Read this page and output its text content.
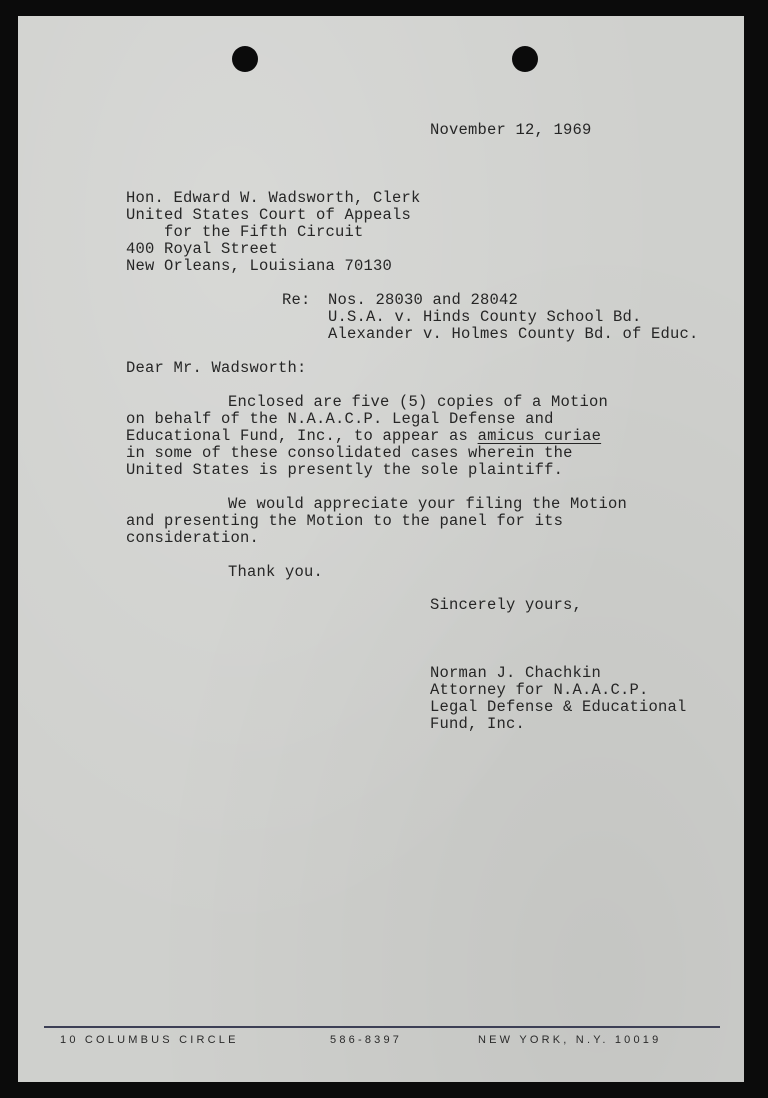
November 12, 1969
Hon. Edward W. Wadsworth, Clerk
United States Court of Appeals
for the Fifth Circuit
400 Royal Street
New Orleans, Louisiana 70130
Re: Nos. 28030 and 28042
U.S.A. v. Hinds County School Bd.
Alexander v. Holmes County Bd. of Educ.
Dear Mr. Wadsworth:
Enclosed are five (5) copies of a Motion
on behalf of the N.A.A.C.P. Legal Defense and
Educational Fund, Inc., to appear as amicus curiae
in some of these consolidated cases wherein the
United States is presently the sole plaintiff.
We would appreciate your filing the Motion
and presenting the Motion to the panel for its
consideration.
Thank you.
Sincerely yours,
Norman J. Chachkin
Attorney for N.A.A.C.P.
Legal Defense & Educational
Fund, Inc.
10 COLUMBUS CIRCLE	586-8397	NEW YORK, N.Y. 10019
